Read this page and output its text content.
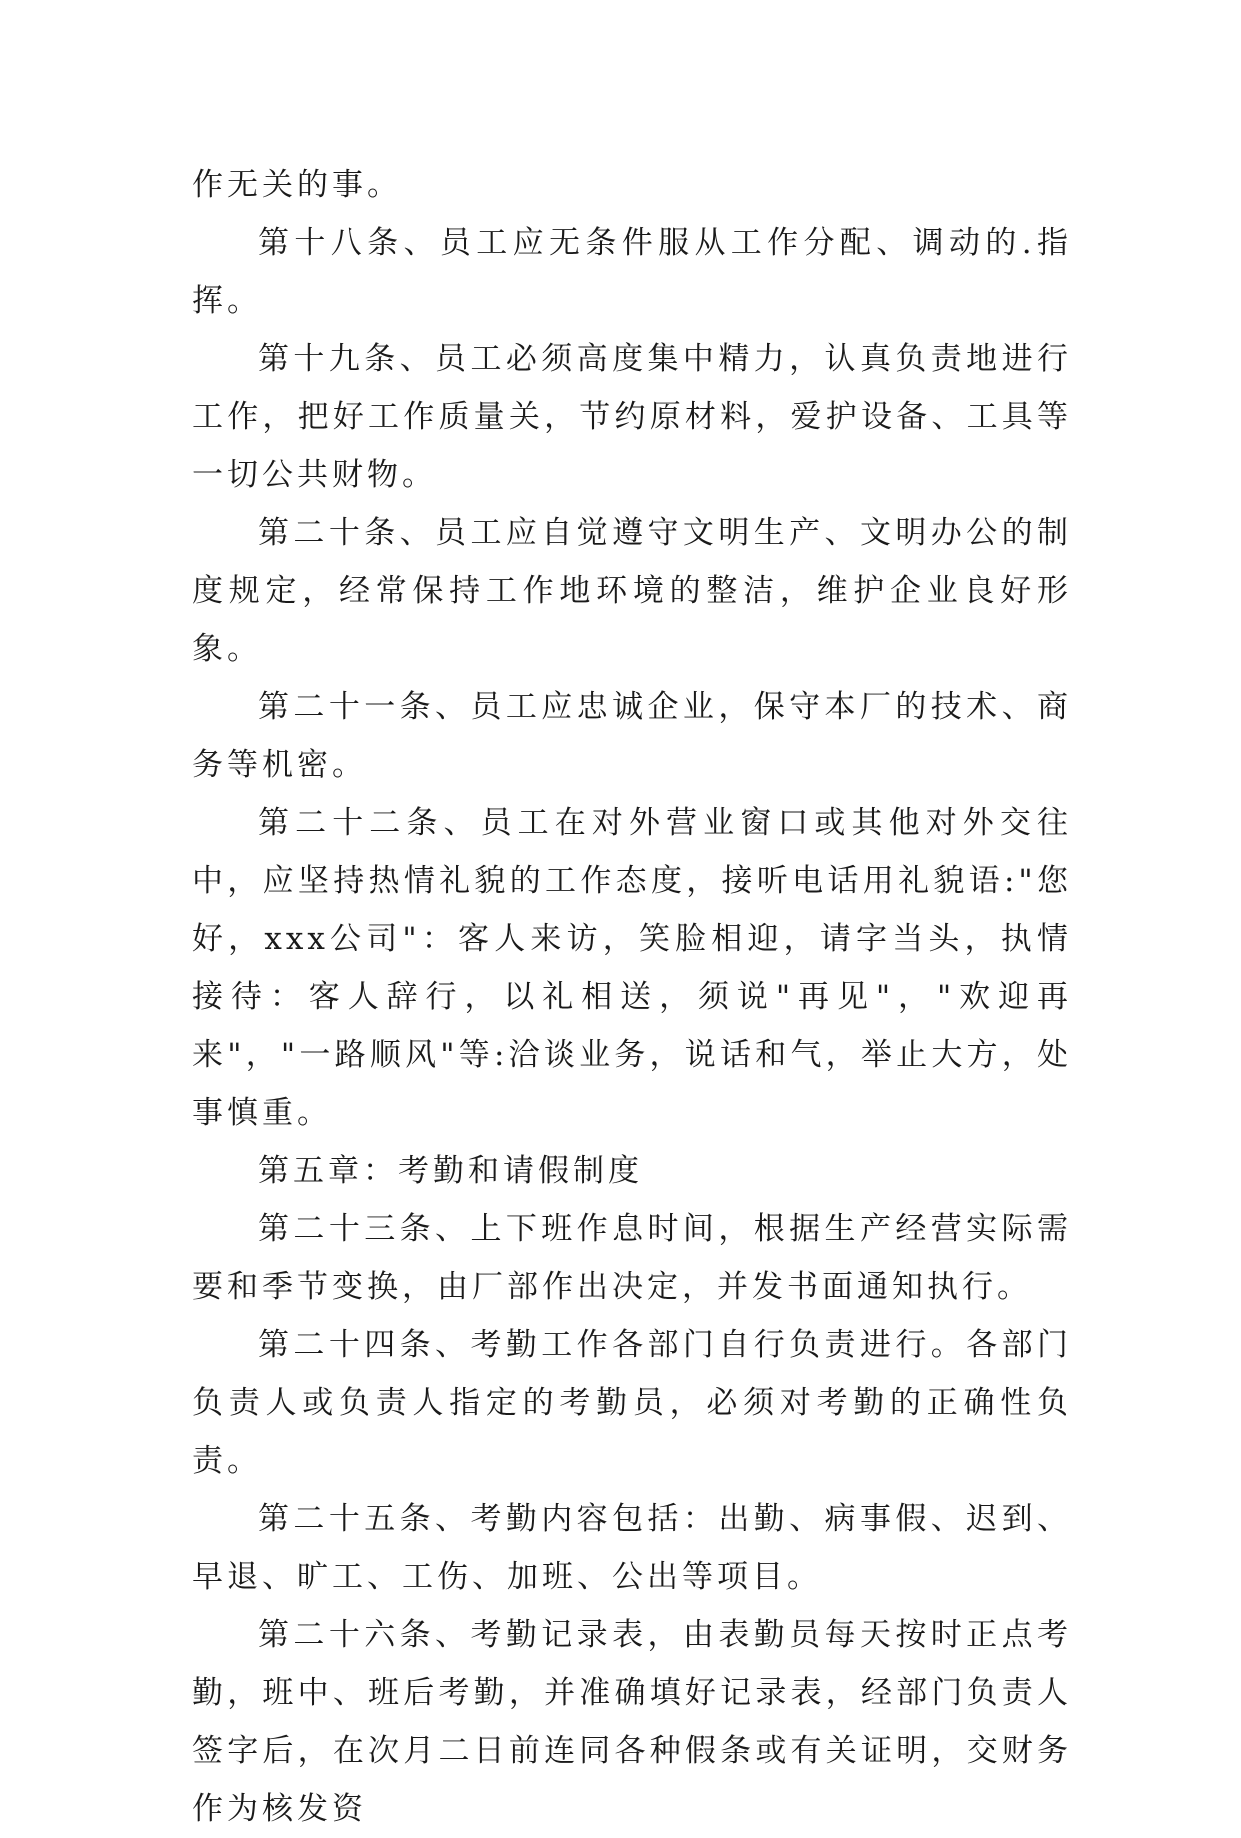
作无关的事。

第十八条、员工应无条件服从工作分配、调动的.指挥。

第十九条、员工必须高度集中精力，认真负责地进行工作，把好工作质量关，节约原材料，爱护设备、工具等一切公共财物。

第二十条、员工应自觉遵守文明生产、文明办公的制度规定，经常保持工作地环境的整洁，维护企业良好形象。

第二十一条、员工应忠诚企业，保守本厂的技术、商务等机密。

第二十二条、员工在对外营业窗口或其他对外交往中，应坚持热情礼貌的工作态度，接听电话用礼貌语:"您好，xxx公司"：客人来访，笑脸相迎，请字当头，执情接待：客人辞行，以礼相送，须说"再见"，"欢迎再来"，"一路顺风"等:洽谈业务，说话和气，举止大方，处事慎重。

第五章：考勤和请假制度

第二十三条、上下班作息时间，根据生产经营实际需要和季节变换，由厂部作出决定，并发书面通知执行。

第二十四条、考勤工作各部门自行负责进行。各部门负责人或负责人指定的考勤员，必须对考勤的正确性负责。

第二十五条、考勤内容包括：出勤、病事假、迟到、早退、旷工、工伤、加班、公出等项目。

第二十六条、考勤记录表，由表勤员每天按时正点考勤，班中、班后考勤，并准确填好记录表，经部门负责人签字后，在次月二日前连同各种假条或有关证明，交财务作为核发资
